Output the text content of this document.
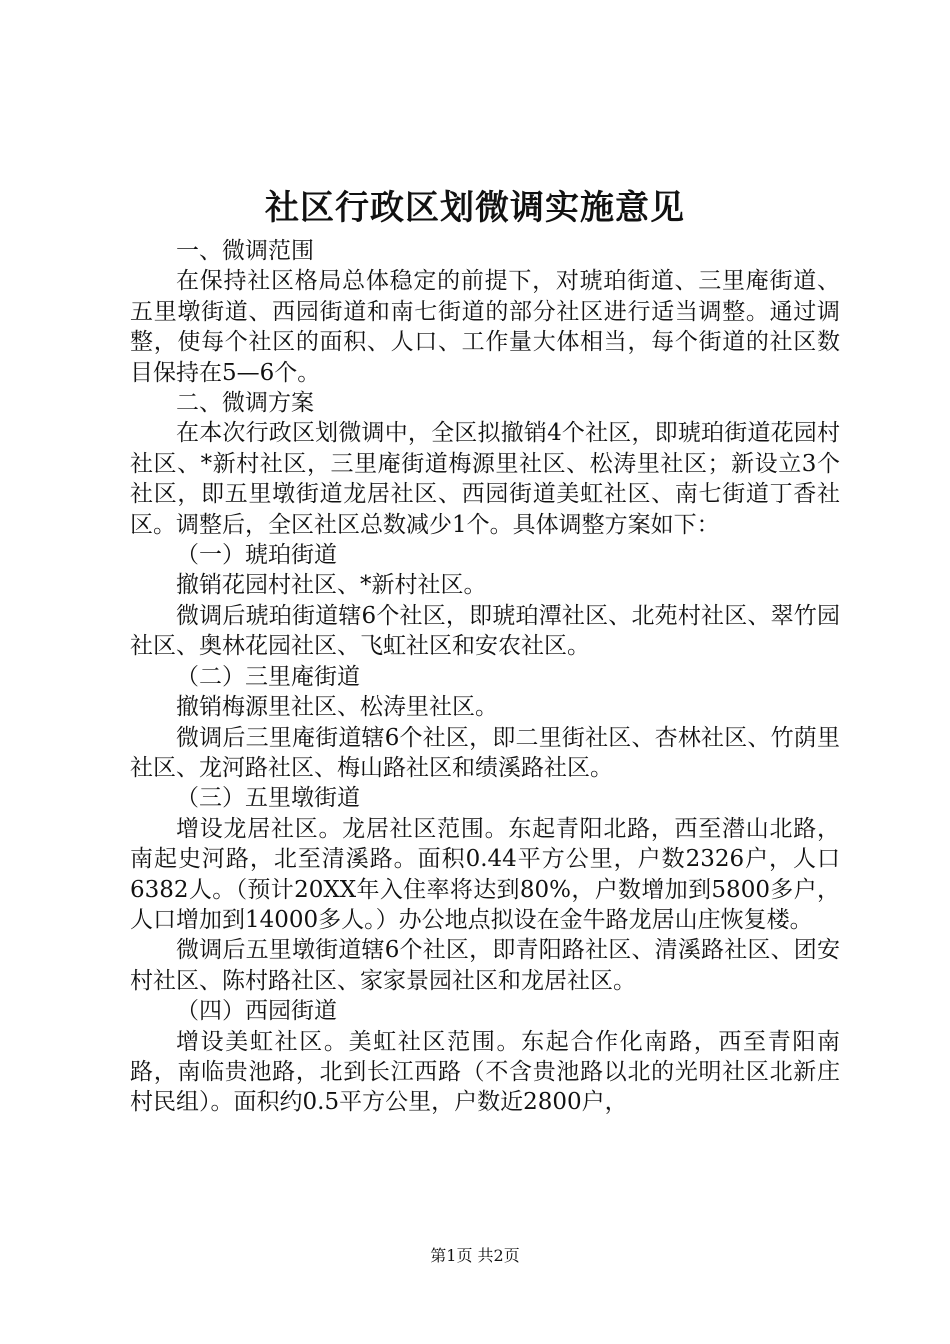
社区行政区划微调实施意见

一、微调范围

在保持社区格局总体稳定的前提下，对琥珀街道、三里庵街道、五里墩街道、西园街道和南七街道的部分社区进行适当调整。通过调整，使每个社区的面积、人口、工作量大体相当，每个街道的社区数目保持在5—6个。

二、微调方案

在本次行政区划微调中，全区拟撤销4个社区，即琥珀街道花园村社区、*新村社区，三里庵街道梅源里社区、松涛里社区；新设立3个社区，即五里墩街道龙居社区、西园街道美虹社区、南七街道丁香社区。调整后，全区社区总数减少1个。具体调整方案如下：

（一）琥珀街道

撤销花园村社区、*新村社区。

微调后琥珀街道辖6个社区，即琥珀潭社区、北苑村社区、翠竹园社区、奥林花园社区、飞虹社区和安农社区。

（二）三里庵街道

撤销梅源里社区、松涛里社区。

微调后三里庵街道辖6个社区，即二里街社区、杏林社区、竹荫里社区、龙河路社区、梅山路社区和绩溪路社区。

（三）五里墩街道

增设龙居社区。龙居社区范围。东起青阳北路，西至潜山北路，南起史河路，北至清溪路。面积0.44平方公里，户数2326户，人口6382人。（预计20XX年入住率将达到80%，户数增加到5800多户，人口增加到14000多人。）办公地点拟设在金牛路龙居山庄恢复楼。

微调后五里墩街道辖6个社区，即青阳路社区、清溪路社区、团安村社区、陈村路社区、家家景园社区和龙居社区。

（四）西园街道

增设美虹社区。美虹社区范围。东起合作化南路，西至青阳南路，南临贵池路，北到长江西路（不含贵池路以北的光明社区北新庄村民组）。面积约0.5平方公里，户数近2800户，

第1页 共2页
